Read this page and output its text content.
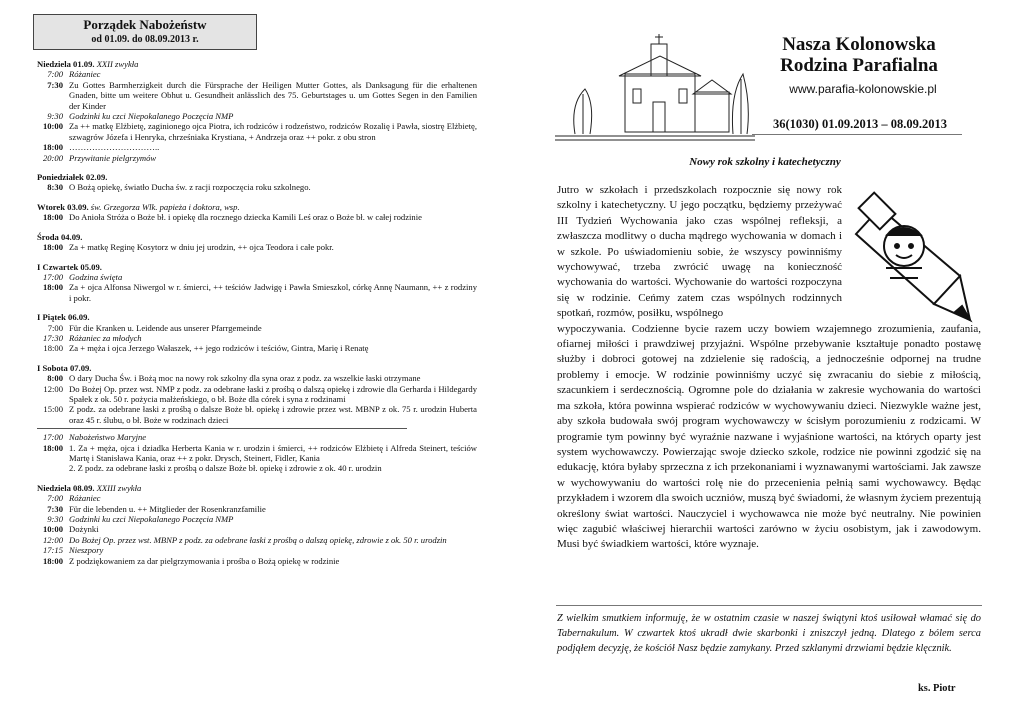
Porządek Nabożeństw
od 01.09. do 08.09.2013 r.
Niedziela 01.09. XXII zwykła
7:00 Różaniec
7:30 Zu Gottes Barmherzigkeit durch die Fürsprache der Heiligen Mutter Gottes, als Danksagung für die erhaltenen Gnaden, bitte um weitere Obhut u. Gesundheit anlässlich des 75. Geburtstages u. um Gottes Segen in den Familien der Kinder
9:30 Godzinki ku czci Niepokalanego Poczęcia NMP
10:00 Za ++ matkę Elżbietę, zaginionego ojca Piotra, ich rodziców i rodzeństwo, rodziców Rozalię i Pawła, siostrę Elżbietę, szwagrów Józefa i Henryka, chrześniaka Krystiana, + Andrzeja oraz ++ pokr. z obu stron
18:00 …………………………..
20:00 Przywitanie pielgrzymów
Poniedziałek 02.09.
8:30 O Bożą opiekę, światło Ducha św. z racji rozpoczęcia roku szkolnego.
Wtorek 03.09. św. Grzegorza Wlk. papieża i doktora, wsp.
18:00 Do Anioła Stróża o Boże bł. i opiekę dla rocznego dziecka Kamili Leś oraz o Boże bł. w całej rodzinie
Środa 04.09.
18:00 Za + matkę Reginę Kosytorz w dniu jej urodzin, ++ ojca Teodora i całe pokr.
I Czwartek 05.09.
17:00 Godzina święta
18:00 Za + ojca Alfonsa Niwergol w r. śmierci, ++ teściów Jadwigę i Pawła Smieszkol, córkę Annę Naumann, ++ z rodziny i pokr.
I Piątek 06.09.
7:00 Für die Kranken u. Leidende aus unserer Pfarrgemeinde
17:30 Różaniec za młodych
18:00 Za + męża i ojca Jerzego Wałaszek, ++ jego rodziców i teściów, Gintra, Marię i Renatę
I Sobota 07.09.
8:00 O dary Ducha Św. i Bożą moc na nowy rok szkolny dla syna oraz z podz. za wszelkie łaski otrzymane
12:00 Do Bożej Op. przez wst. NMP z podz. za odebrane łaski z prośbą o dalszą opiekę i zdrowie dla Gerharda i Hildegardy Spałek z ok. 50 r. pożycia małżeńskiego, o bł. Boże dla córek i syna z rodzinami
15:00 Z podz. za odebrane łaski z prośbą o dalsze Boże bł. opiekę i zdrowie przez wst. MBNP z ok. 75 r. urodzin Huberta oraz 45 r. ślubu, o bł. Boże w rodzinach dzieci
17:00 Nabożeństwo Maryjne
18:00 1. Za + męża, ojca i dziadka Herberta Kania w r. urodzin i śmierci, ++ rodziców Elżbietę i Alfreda Steinert, teściów Martę i Stanisława Kania, oraz ++ z pokr. Drysch, Steinert, Fidler, Kania
2. Z podz. za odebrane łaski z prośbą o dalsze Boże bł. opiekę i zdrowie z ok. 40 r. urodzin
Niedziela 08.09. XXIII zwykła
7:00 Różaniec
7:30 Für die lebenden u. ++ Mitglieder der Rosenkranzfamilie
9:30 Godzinki ku czci Niepokalanego Poczęcia NMP
10:00 Dożynki
12:00 Do Bożej Op. przez wst. MBNP z podz. za odebrane łaski z prośbą o dalszą opiekę, zdrowie z ok. 50 r. urodzin
17:15 Nieszpory
18:00 Z podziękowaniem za dar pielgrzymowania i prośba o Bożą opiekę w rodzinie
Nasza Kolonowska
Rodzina Parafialna
www.parafia-kolonowskie.pl
36(1030) 01.09.2013 – 08.09.2013
Nowy rok szkolny i katechetyczny
Jutro w szkołach i przedszkolach rozpocznie się nowy rok szkolny i katechetyczny. U jego początku, będziemy przeżywać III Tydzień Wychowania jako czas wspólnej refleksji, a zwłaszcza modlitwy o ducha mądrego wychowania w domach i w szkole. Po uświadomieniu sobie, że wszyscy powinniśmy wychowywać, trzeba zwrócić uwagę na konieczność wychowania do wartości. Wychowanie do wartości rozpoczyna się w rodzinie. Ceńmy zatem czas wspólnych rodzinnych spotkań, rozmów, posiłku, wspólnego
wypoczywania. Codzienne bycie razem uczy bowiem wzajemnego zrozumienia, zaufania, ofiarnej miłości i prawdziwej przyjaźni. Wspólne przebywanie kształtuje ponadto postawę służby i dobroci gotowej na zdzielenie się radością, a jednocześnie odpornej na trudne problemy i emocje. W rodzinie powinniśmy uczyć się zwracaniu do siebie z miłością, szacunkiem i serdecznością. Ogromne pole do działania w zakresie wychowania do wartości ma szkoła, która powinna wspierać rodziców w wychowywaniu dzieci. Niezwykle ważne jest, aby szkoła budowała swój program wychowawczy w ścisłym porozumieniu z rodzicami. W programie tym powinny być wyraźnie nazwane i wyjaśnione wartości, na których oparty jest system wychowawczy. Powierzając swoje dziecko szkole, rodzice nie powinni zgodzić się na edukację, która byłaby sprzeczna z ich przekonaniami i wyznawanymi wartościami. Jak zawsze w wychowywaniu do wartości rolę nie do przecenienia pełnią sami wychowawcy. Będąc przykładem i wzorem dla swoich uczniów, muszą być świadomi, że własnym życiem prezentują określony świat wartości. Nauczyciel i wychowawca nie może być neutralny. Nie powinien więc zagubić właściwej hierarchii wartości zarówno w życiu osobistym, jak i zawodowym. Musi być świadkiem wartości, które wyznaje.
Z wielkim smutkiem informuję, że w ostatnim czasie w naszej świątyni ktoś usiłował włamać się do Tabernakulum. W czwartek ktoś ukradł dwie skarbonki i zniszczył jedną. Dlatego z bólem serca podjąłem decyzję, że kościół Nasz będzie zamykany. Przed szklanymi drzwiami będzie klęcznik.
ks. Piotr
